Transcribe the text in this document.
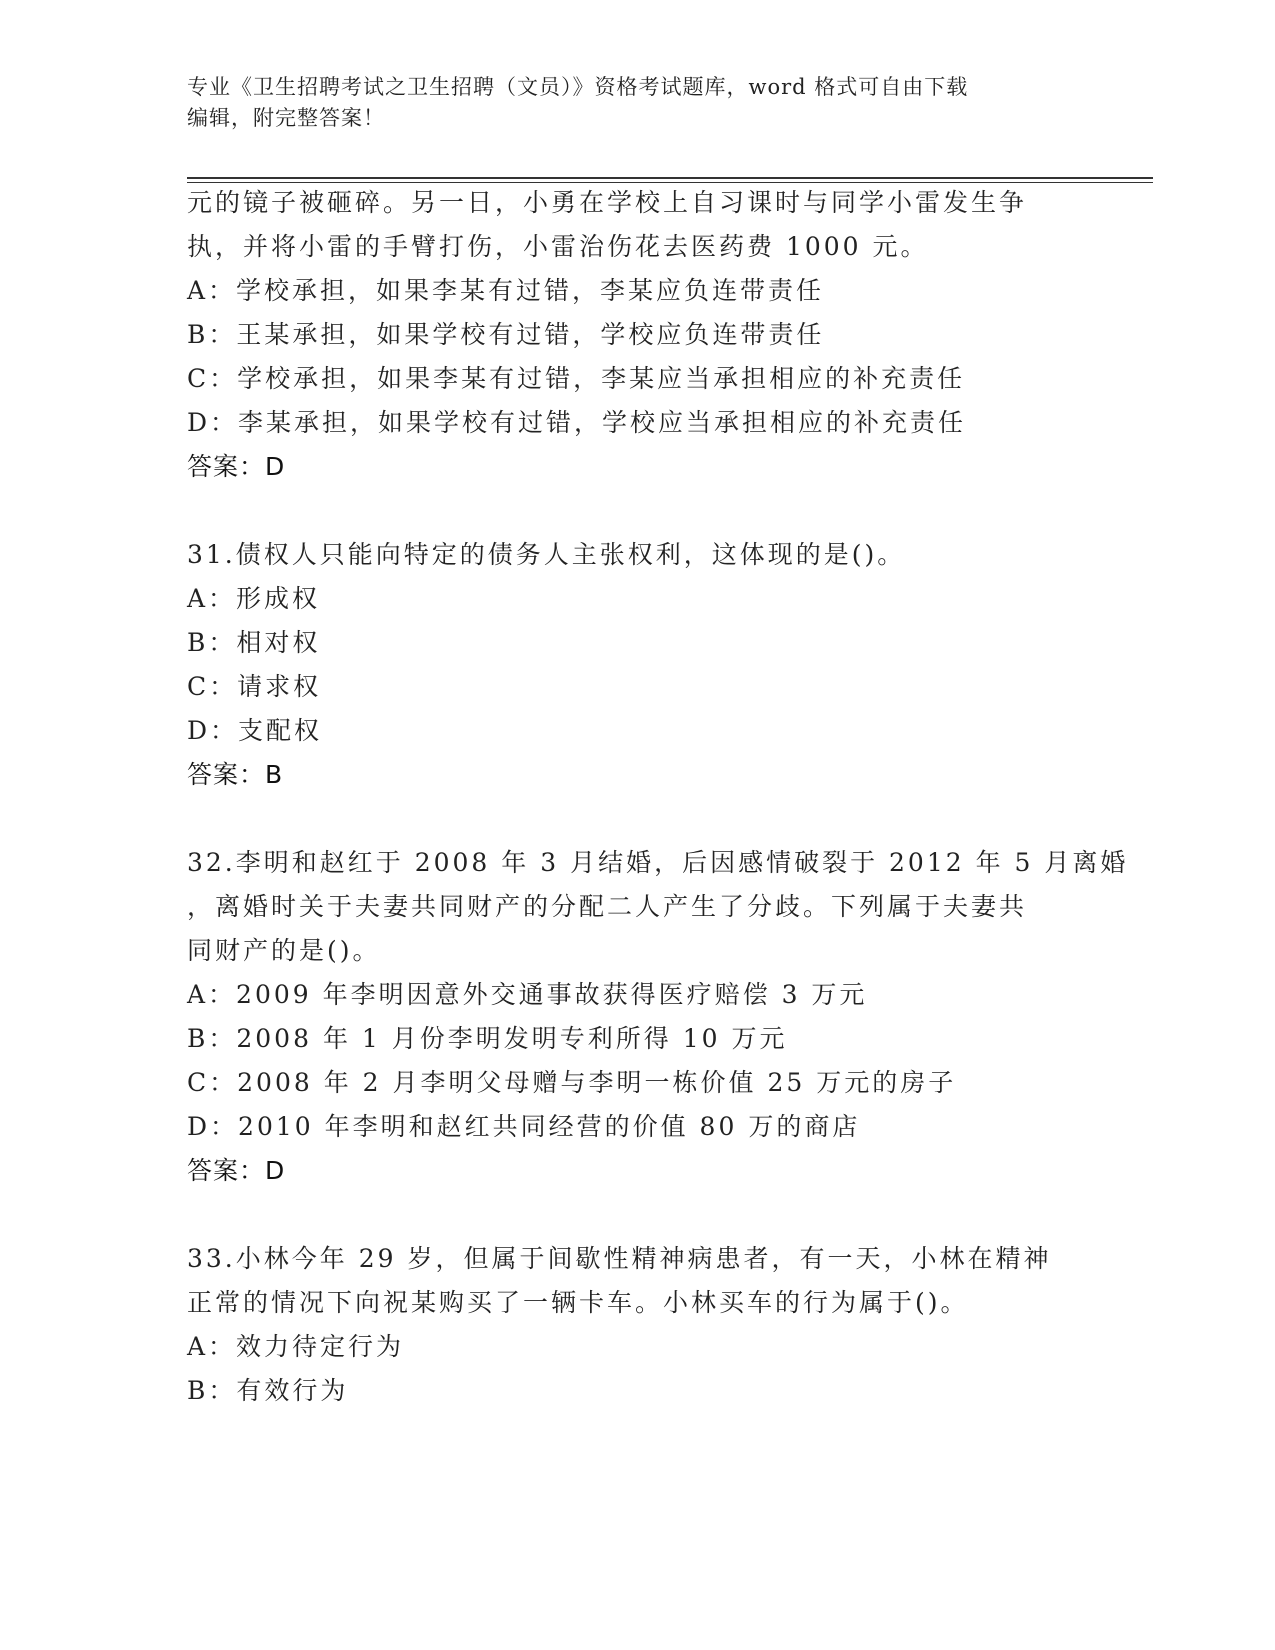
专业《卫生招聘考试之卫生招聘（文员）》资格考试题库，word 格式可自由下载
编辑，附完整答案！
元的镜子被砸碎。另一日，小勇在学校上自习课时与同学小雷发生争
执，并将小雷的手臂打伤，小雷治伤花去医药费 1000 元。
A：学校承担，如果李某有过错，李某应负连带责任
B：王某承担，如果学校有过错，学校应负连带责任
C：学校承担，如果李某有过错，李某应当承担相应的补充责任
D：李某承担，如果学校有过错，学校应当承担相应的补充责任
答案：D
31.债权人只能向特定的债务人主张权利，这体现的是()。
A：形成权
B：相对权
C：请求权
D：支配权
答案：B
32.李明和赵红于 2008 年 3 月结婚，后因感情破裂于 2012 年 5 月离婚
，离婚时关于夫妻共同财产的分配二人产生了分歧。下列属于夫妻共
同财产的是()。
A：2009 年李明因意外交通事故获得医疗赔偿 3 万元
B：2008 年 1 月份李明发明专利所得 10 万元
C：2008 年 2 月李明父母赠与李明一栋价值 25 万元的房子
D：2010 年李明和赵红共同经营的价值 80 万的商店
答案：D
33.小林今年 29 岁，但属于间歇性精神病患者，有一天，小林在精神
正常的情况下向祝某购买了一辆卡车。小林买车的行为属于()。
A：效力待定行为
B：有效行为
